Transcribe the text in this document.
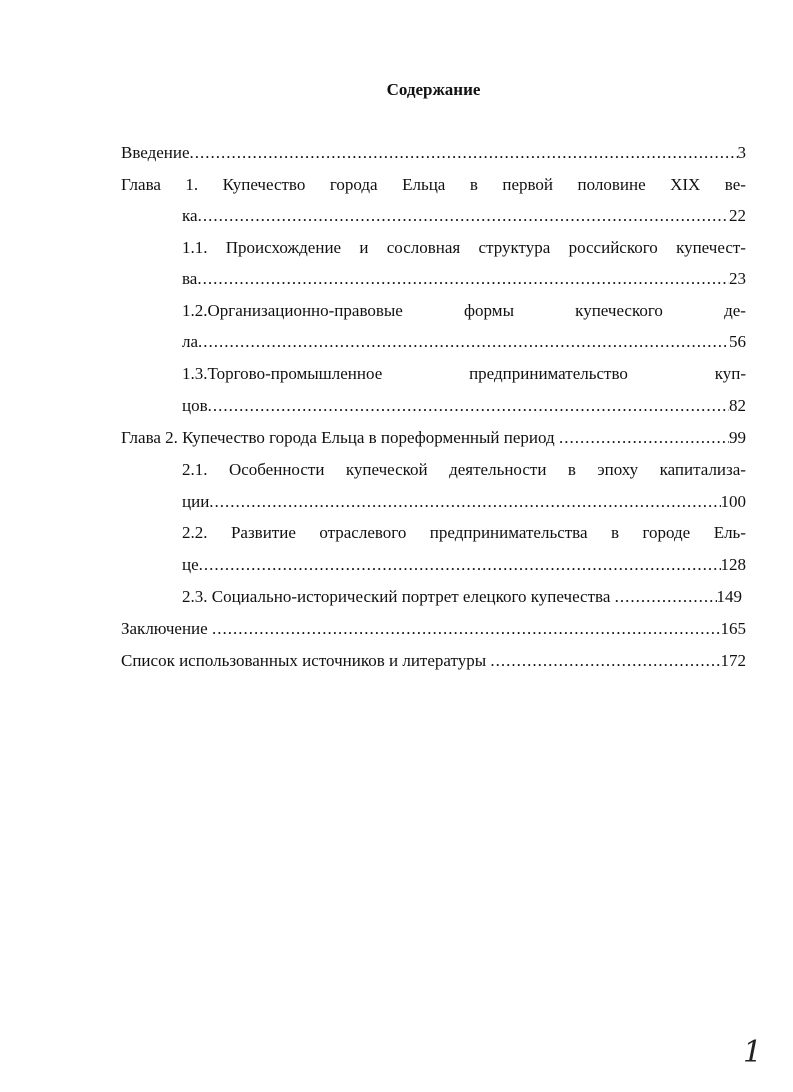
Содержание
Введение .....	3
Глава 1. Купечество города Ельца в первой половине XIX ве-
ка .....	22
1.1. Происхождение и сословная структура российского купечест-
ва .....	23
1.2.Организационно-правовые	формы	купеческого	де-
ла .....	56
1.3.Торгово-промышленное	предпринимательство	куп-
цов .....	82
Глава 2. Купечество города Ельца в пореформенный период .....	99
2.1. Особенности купеческой деятельности в эпоху капитализа-
ции .....	100
2.2. Развитие отраслевого предпринимательства в городе Ель-
це .....	128
2.3. Социально-исторический портрет елецкого купечества .....	149
Заключение .....	165
Список использованных источников и литературы .....	172
1
